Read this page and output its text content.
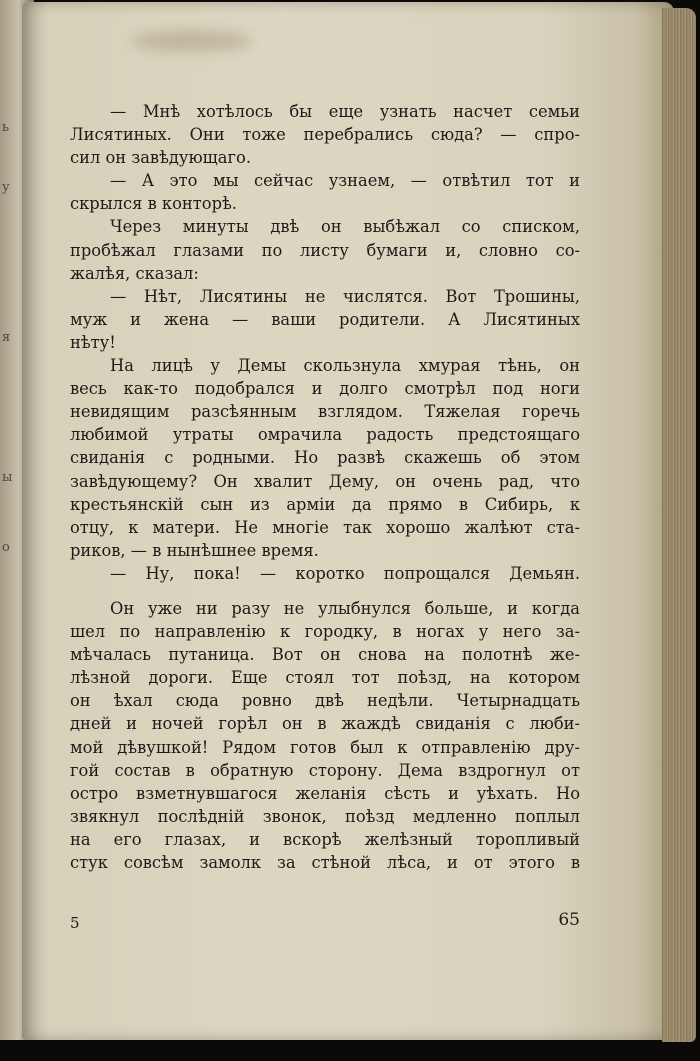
ь
у
я
ы
о
— Мнѣ хотѣлось бы еще узнать насчет семьи
Лисятиных. Они тоже перебрались сюда? — спро-
сил он завѣдующаго.
— А это мы сейчас узнаем, — отвѣтил тот и
скрылся в конторѣ.
Через минуты двѣ он выбѣжал со списком,
пробѣжал глазами по листу бумаги и, словно со-
жалѣя, сказал:
— Нѣт, Лисятины не числятся. Вот Трошины,
муж и жена — ваши родители. А Лисятиных
нѣту!
На лицѣ у Демы скользнула хмурая тѣнь, он
весь как-то подобрался и долго смотрѣл под ноги
невидящим разсѣянным взглядом. Тяжелая горечь
любимой утраты омрачила радость предстоящаго
свиданія с родными. Но развѣ скажешь об этом
завѣдующему? Он хвалит Дему, он очень рад, что
крестьянскій сын из арміи да прямо в Сибирь, к
отцу, к матери. Не многіе так хорошо жалѣют ста-
риков, — в нынѣшнее время.
— Ну, пока! — коротко попрощался Демьян.
Он уже ни разу не улыбнулся больше, и когда
шел по направленію к городку, в ногах у него за-
мѣчалась путаница. Вот он снова на полотнѣ же-
лѣзной дороги. Еще стоял тот поѣзд, на котором
он ѣхал сюда ровно двѣ недѣли. Четырнадцать
дней и ночей горѣл он в жаждѣ свиданія с люби-
мой дѣвушкой! Рядом готов был к отправленію дру-
гой состав в обратную сторону. Дема вздрогнул от
остро взметнувшагося желанія сѣсть и уѣхать. Но
звякнул послѣдній звонок, поѣзд медленно поплыл
на его глазах, и вскорѣ желѣзный торопливый
стук совсѣм замолк за стѣной лѣса, и от этого в
5	65
